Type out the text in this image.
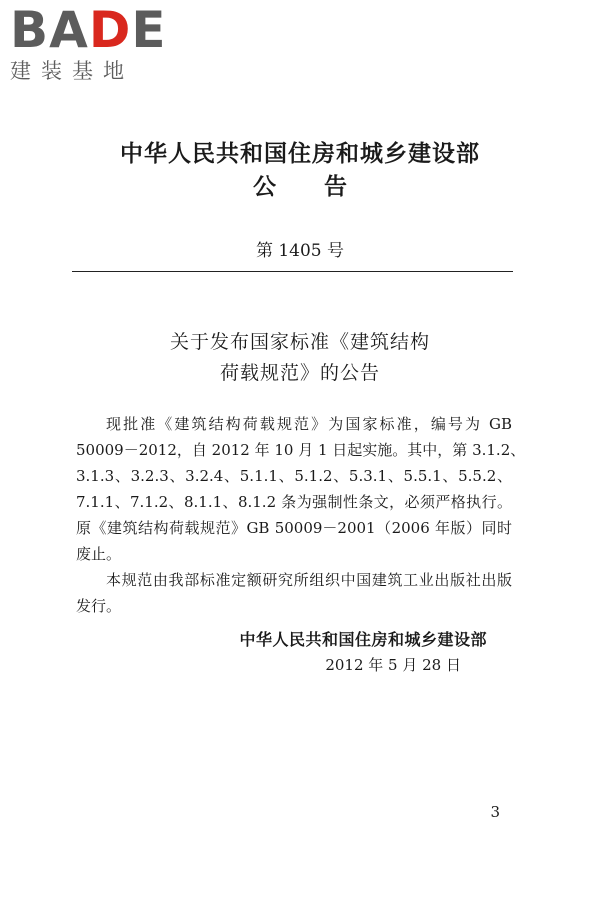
BADE
建装基地
中华人民共和国住房和城乡建设部
公告
第 1405 号
关于发布国家标准《建筑结构
荷载规范》的公告
现批准《建筑结构荷载规范》为国家标准，编号为 GB
50009－2012，自 2012 年 10 月 1 日起实施。其中，第 3.1.2、
3.1.3、3.2.3、3.2.4、5.1.1、5.1.2、5.3.1、5.5.1、5.5.2、
7.1.1、7.1.2、8.1.1、8.1.2 条为强制性条文，必须严格执行。
原《建筑结构荷载规范》GB 50009－2001（2006 年版）同时
废止。
本规范由我部标准定额研究所组织中国建筑工业出版社出版
发行。
中华人民共和国住房和城乡建设部
2012 年 5 月 28 日
3
